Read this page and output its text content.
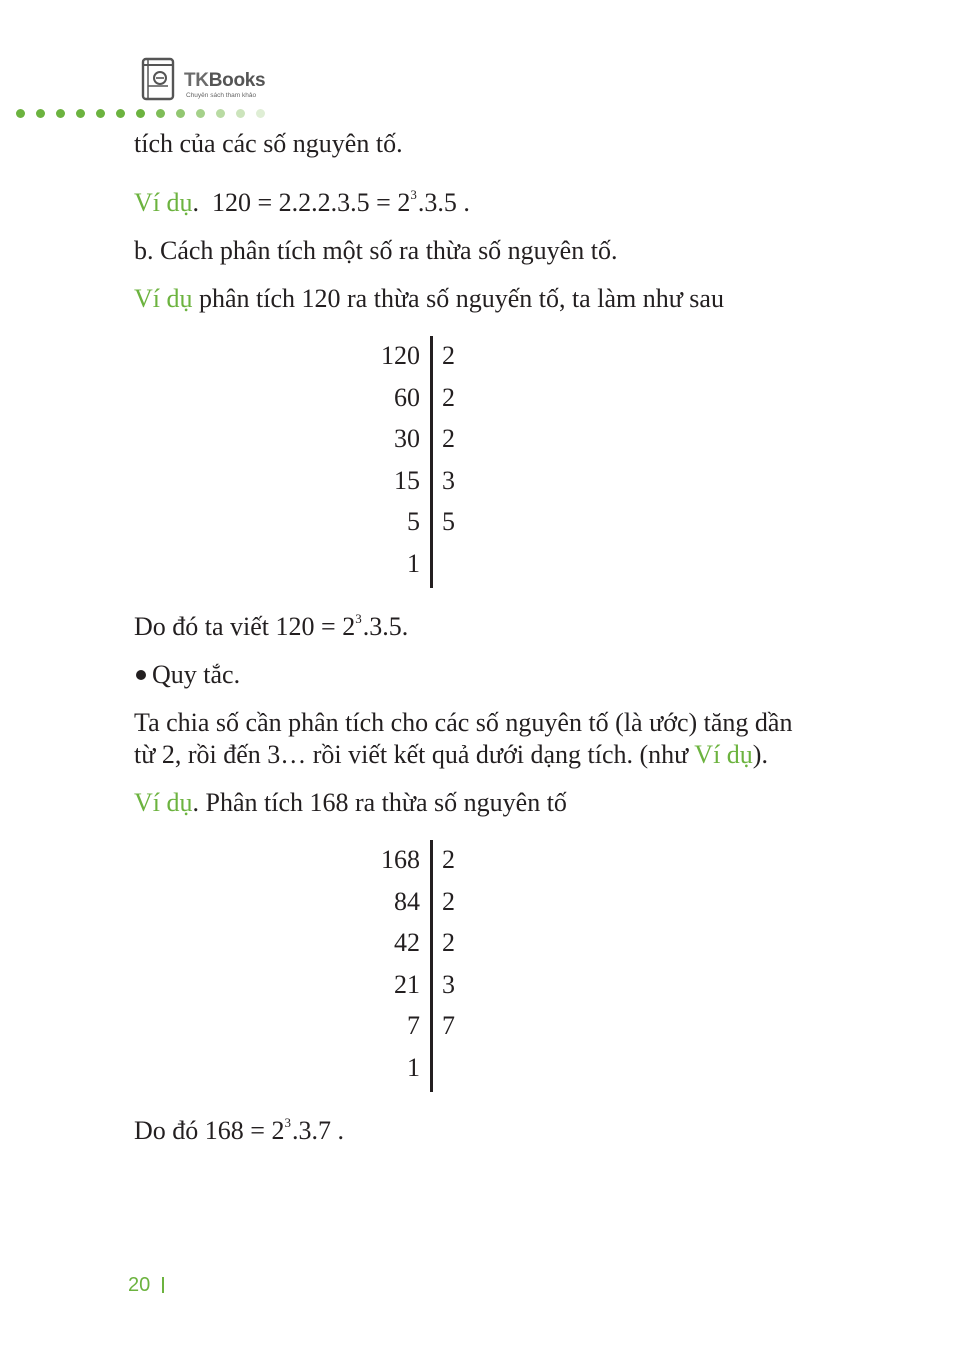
TKBooks
Chuyên sách tham khảo
tích của các số nguyên tố.
Ví dụ. $120 = 2.2.2.3.5 = 2^3.3.5$ .
b. Cách phân tích một số ra thừa số nguyên tố.
Ví dụ phân tích 120 ra thừa số nguyến tố, ta làm như sau
120
60
30
15
5
1
2
2
2
3
5
Do đó ta viết $120 = 2^3.3.5$.
Quy tắc.
Ta chia số cần phân tích cho các số nguyên tố (là ước) tăng dần
từ 2, rồi đến 3… rồi viết kết quả dưới dạng tích. (như Ví dụ).
Ví dụ. Phân tích 168 ra thừa số nguyên tố
168
84
42
21
7
1
2
2
2
3
7
Do đó $168 = 2^3.3.7$ .
20
